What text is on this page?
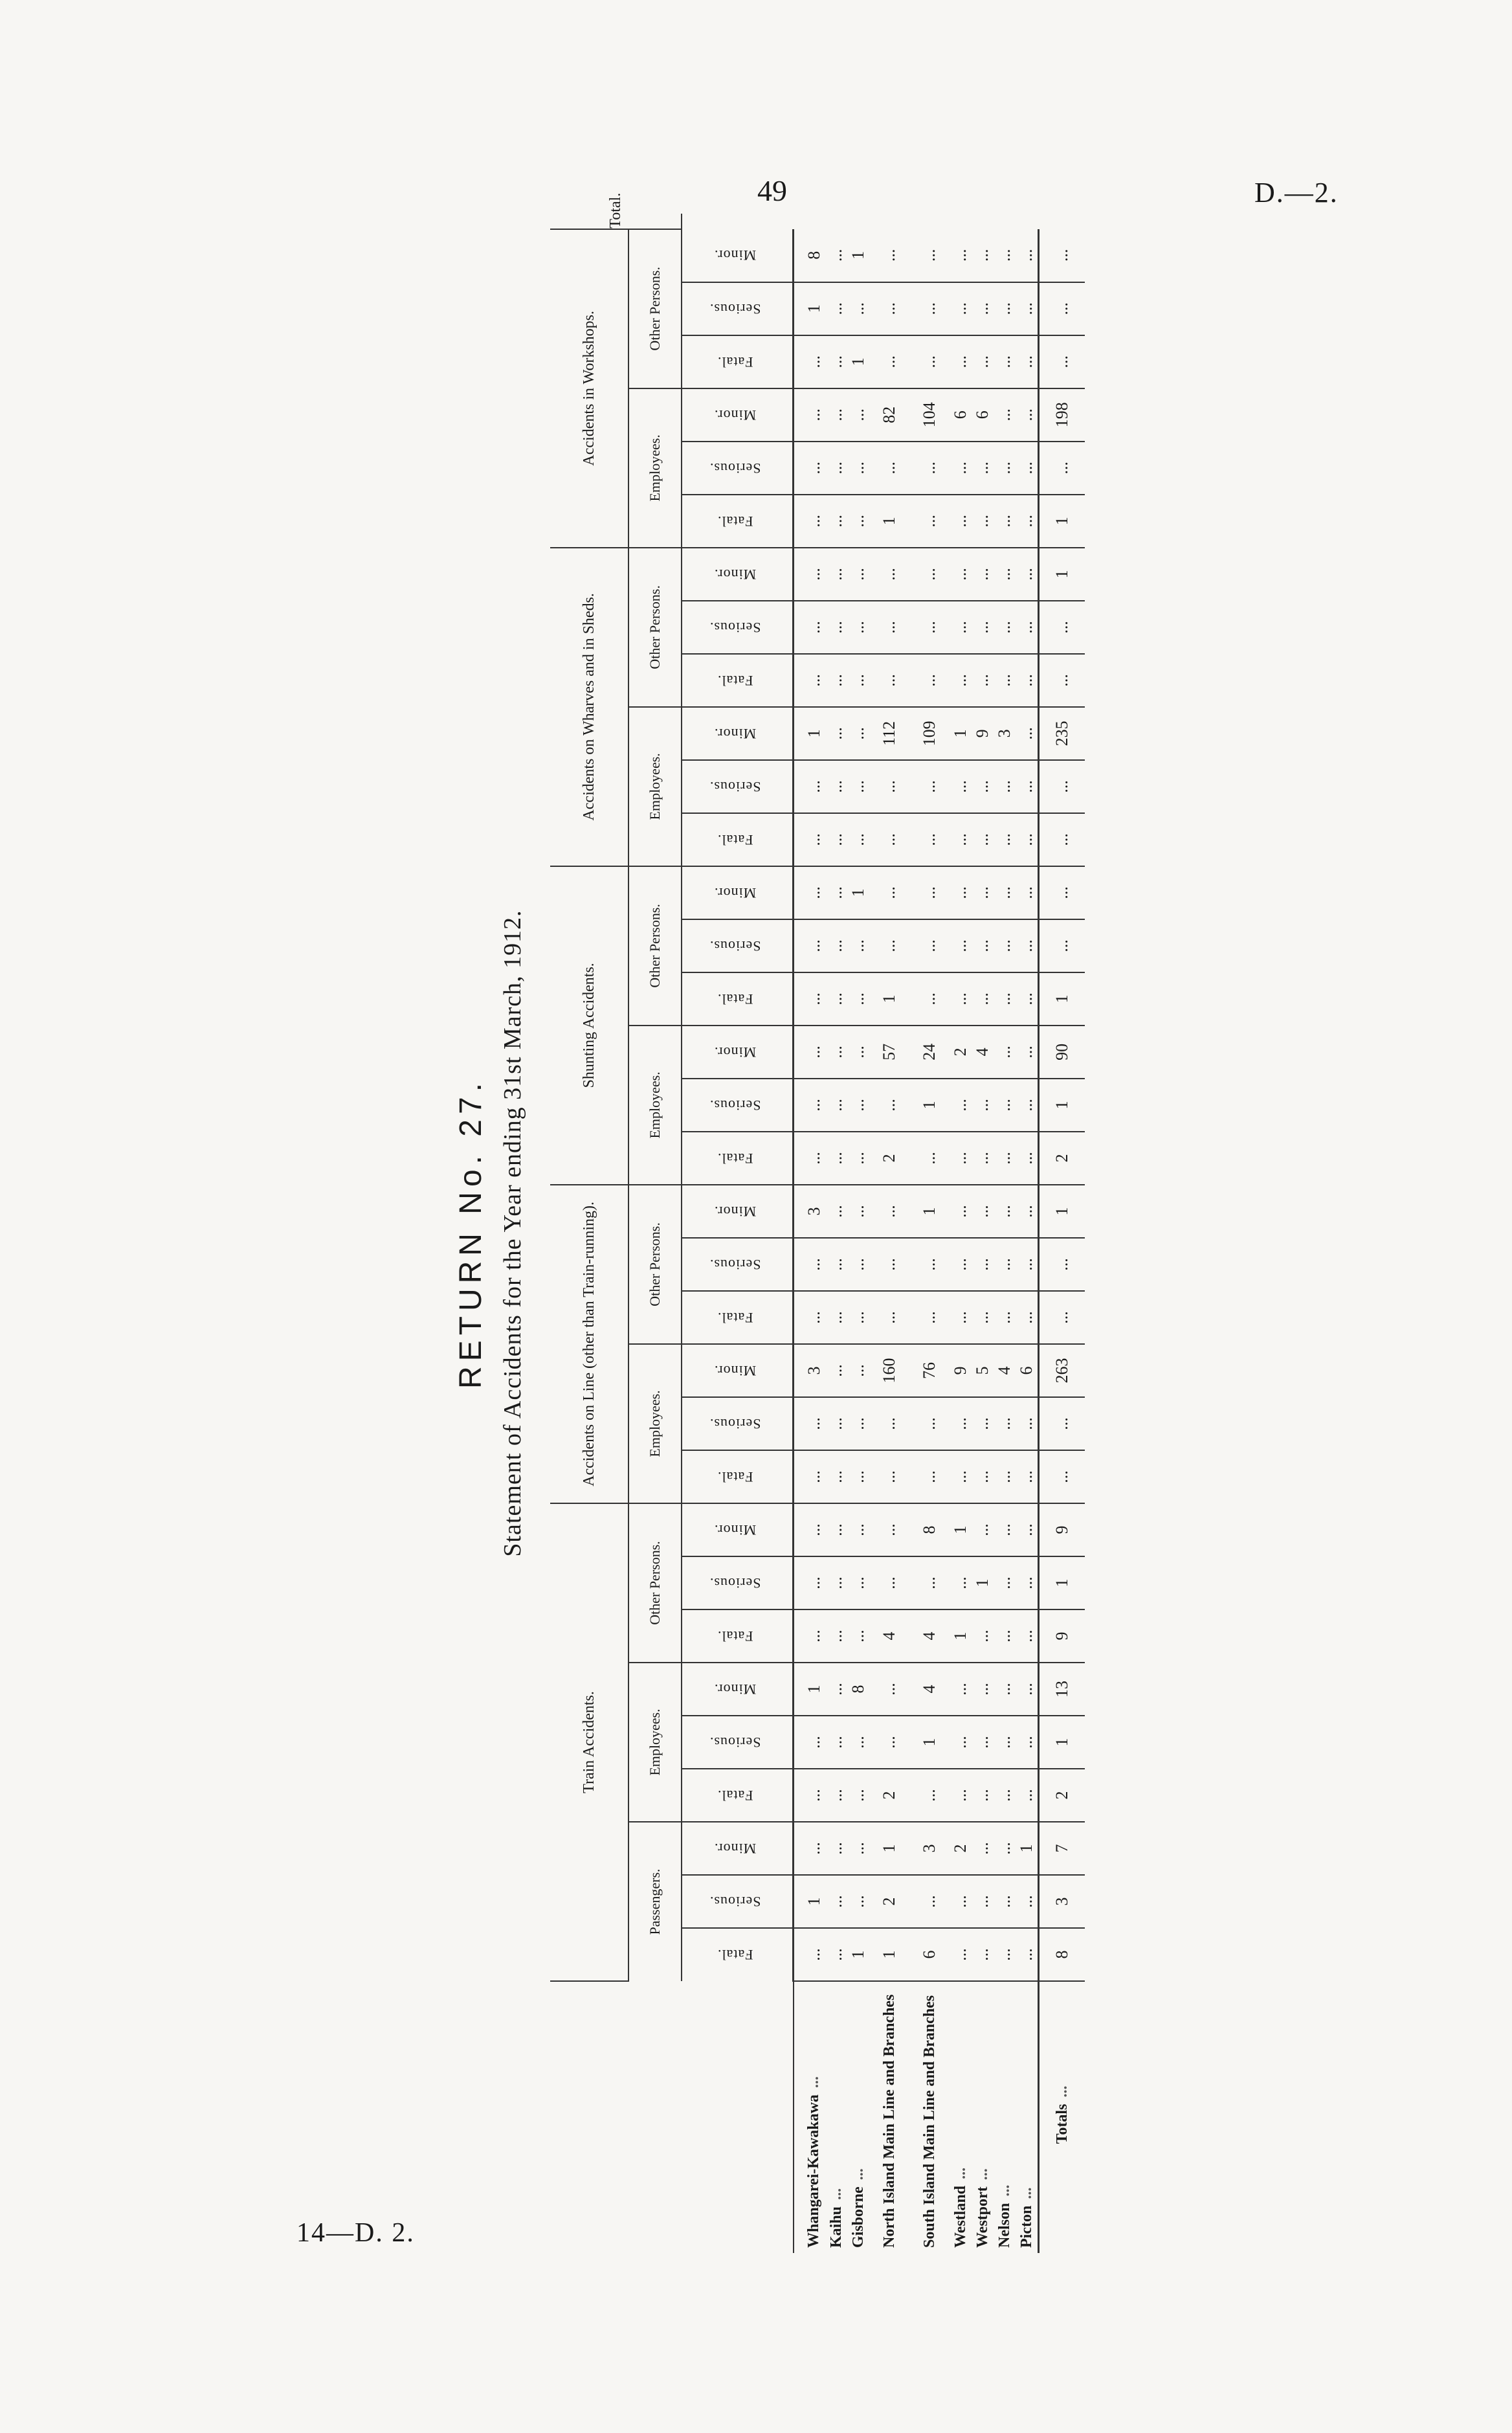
49	D.—2.
14—D. 2.
RETURN No. 27. Statement of Accidents for the Year ending 31st March, 1912.
	Train Accidents.									Accidents on Line (other than Train-running).						Shunting Accidents.						Accidents on Wharves and in Sheds.						Accidents in Workshops.						Total.
	Passengers.			Employees.			Other Persons.			Employees.			Other Persons.			Employees.			Other Persons.			Employees.			Other Persons.			Employees.			Other Persons.			
	Fatal.	Serious.	Minor.	Fatal.	Serious.	Minor.	Fatal.	Serious.	Minor.	Fatal.	Serious.	Minor.	Fatal.	Serious.	Minor.	Fatal.	Serious.	Minor.	Fatal.	Serious.	Minor.	Fatal.	Serious.	Minor.	Fatal.	Serious.	Minor.	Fatal.	Serious.	Minor.	Fatal.	Serious.	Minor.	
Whangarei-Kawakawa...	...	1	...	...	...	1	...	...	...	...	...	3	...	...	3	...	...	...	...	...	...	...	...	1	...	...	...	...	...	...	...	1	8	
Kaihu...	...	...	...	...	...	...	...	...	...	...	...	...	...	...	...	...	...	...	...	...	...	...	...	...	...	...	...	...	...	...	...	...	...	
Gisborne...	1	...	...	...	...	8	...	...	...	...	...	...	...	...	...	...	...	...	...	...	1	...	...	...	...	...	...	...	...	...	1	...	1	
North Island Main Line and Branches	1	2	1	2	...	...	4	...	...	...	...	160	...	...	...	2	...	57	1	...	...	...	...	112	...	...	...	1	...	82	...	...	...	
South Island Main Line and Branches	6	...	3	...	1	4	4	...	8	...	...	76	...	...	1	...	1	24	...	...	...	...	...	109	...	...	...	...	...	104	...	...	...	
Westland...	...	...	2	...	...	...	1	...	1	...	...	9	...	...	...	...	...	2	...	...	...	...	...	1	...	...	...	...	...	6	...	...	...	
Westport...	...	...	...	...	...	...	...	1	...	...	...	5	...	...	...	...	...	4	...	...	...	...	...	9	...	...	...	...	...	6	...	...	...	
Nelson...	...	...	...	...	...	...	...	...	...	...	...	4	...	...	...	...	...	...	...	...	...	...	...	3	...	...	...	...	...	...	...	...	...	
Picton...	...	...	1	...	...	...	...	...	...	...	...	6	...	...	...	...	...	...	...	...	...	...	...	...	...	...	...	...	...	...	...	...	...	
Totals...	8	3	7	2	1	13	9	1	9	...	...	263	...	...	1	2	1	90	1	...	...	...	...	235	...	...	1	1	...	198	...	...	...	
